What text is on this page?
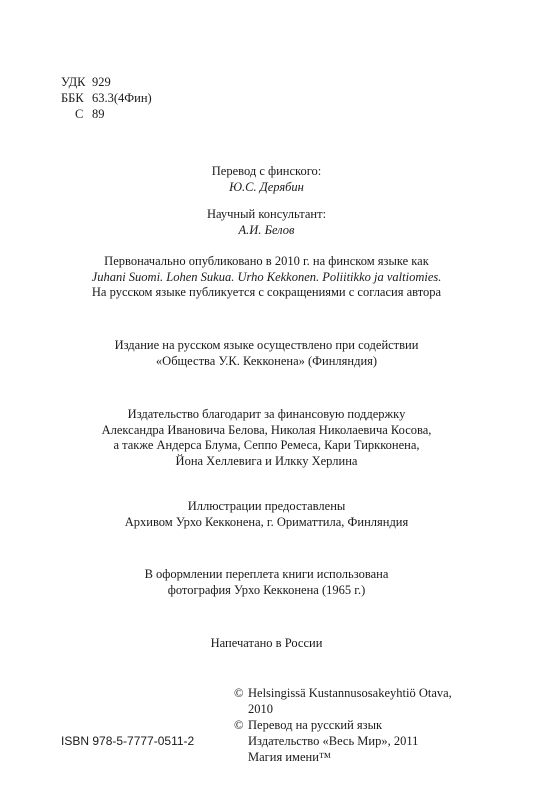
УДК 929
ББК 63.3(4Фин)
С 89
Перевод с финского:
Ю.С. Дерябин
Научный консультант:
А.И. Белов
Первоначально опубликовано в 2010 г. на финском языке как
Juhani Suomi. Lohen Sukua. Urho Kekkonen. Poliitikko ja valtiomies.
На русском языке публикуется с сокращениями с согласия автора
Издание на русском языке осуществлено при содействии
«Общества У.К. Кекконена» (Финляндия)
Издательство благодарит за финансовую поддержку
Александра Ивановича Белова, Николая Николаевича Косова,
а также Андерса Блума, Сеппо Ремеса, Кари Тиркконена,
Йона Хеллевига и Илкку Херлина
Иллюстрации предоставлены
Архивом Урхо Кекконена, г. Ориматтила, Финляндия
В оформлении переплета книги использована
фотография Урхо Кекконена (1965 г.)
Напечатано в России
© Helsingissä Kustannusosakeyhtiö Otava,
2010
© Перевод на русский язык
Издательство «Весь Мир», 2011
Магия имени™
ISBN 978-5-7777-0511-2
